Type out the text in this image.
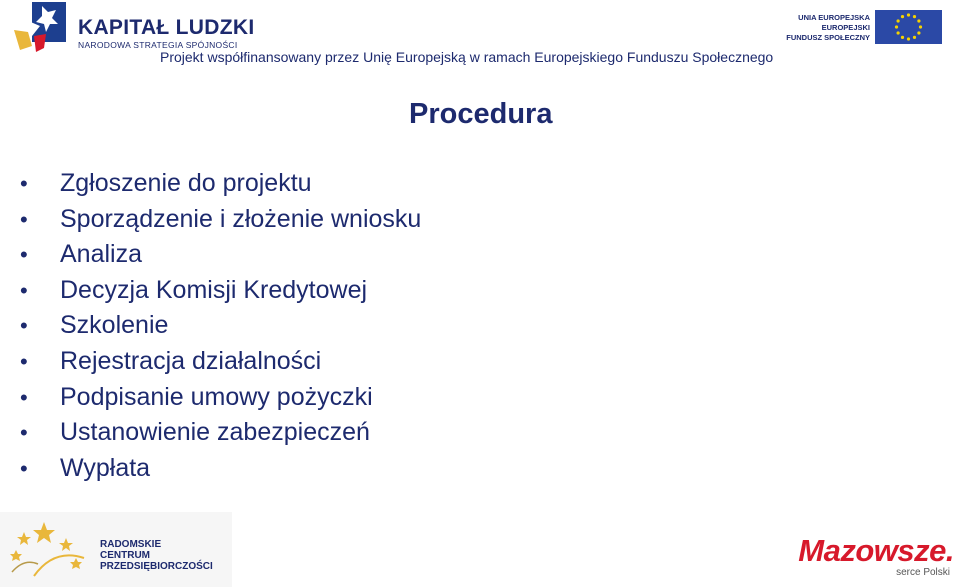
KAPITAŁ LUDZKI
NARODOWA STRATEGIA SPÓJNOŚCI
UNIA EUROPEJSKA
EUROPEJSKI
FUNDUSZ SPOŁECZNY
Projekt współfinansowany przez Unię Europejską w ramach Europejskiego Funduszu Społecznego
Procedura
• Zgłoszenie do projektu
• Sporządzenie i złożenie wniosku
• Analiza
• Decyzja Komisji Kredytowej
• Szkolenie
• Rejestracja działalności
• Podpisanie umowy pożyczki
• Ustanowienie zabezpieczeń
• Wypłata
RADOMSKIE
CENTRUM
PRZEDSIĘBIORCZOŚCI	Mazowsze.
serce Polski
